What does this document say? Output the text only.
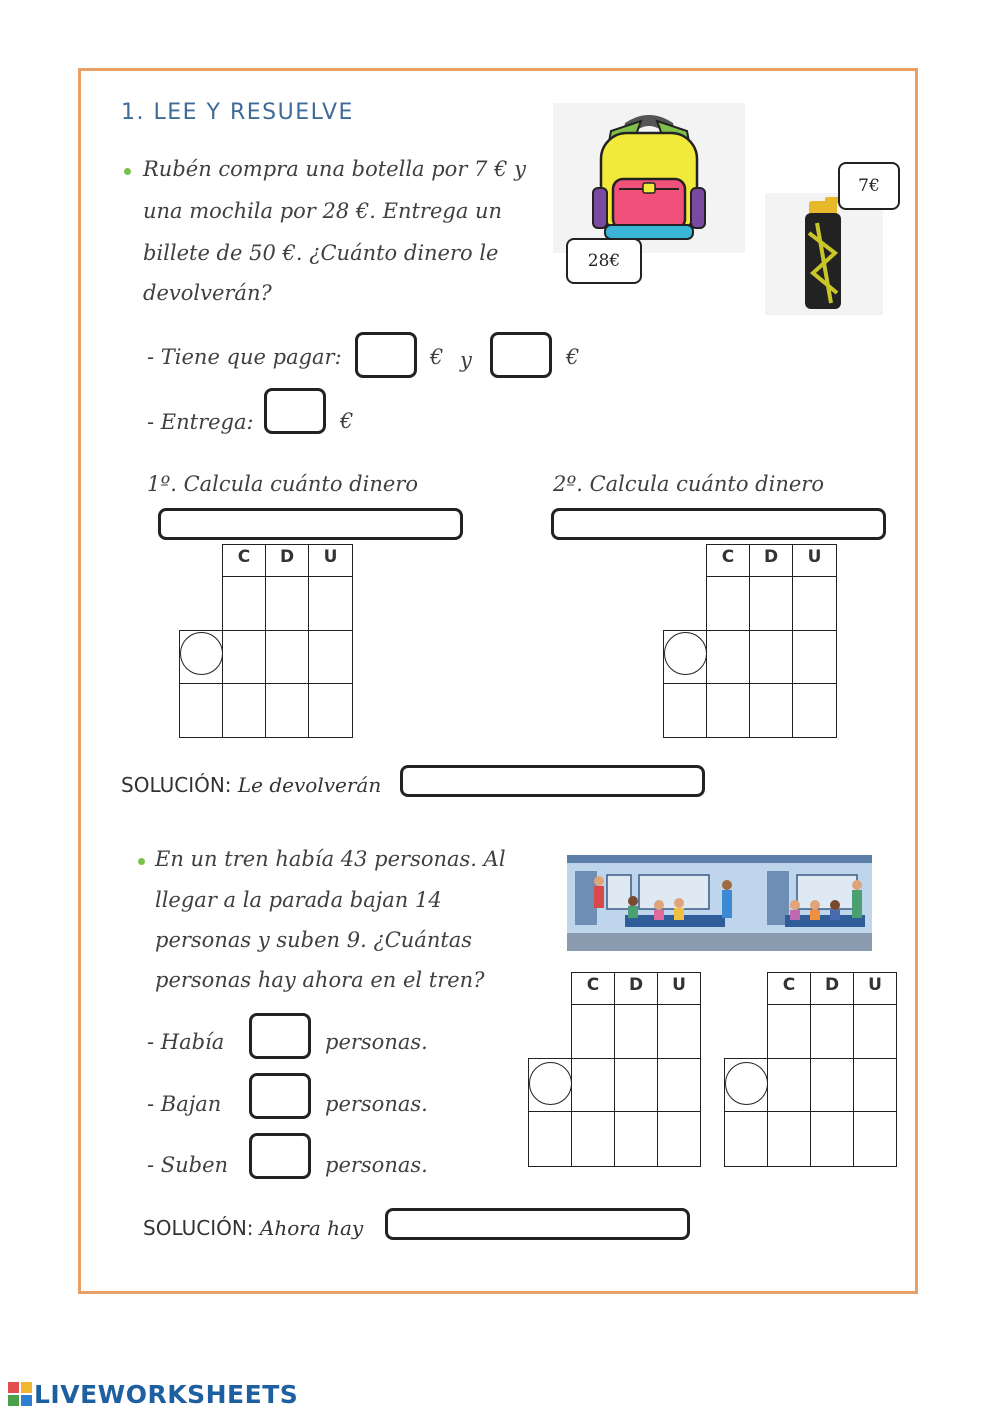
1. LEE Y RESUELVE
Rubén compra una botella por 7 € y
una mochila por 28 €. Entrega un
billete de 50 €. ¿Cuánto dinero le
devolverán?
28€
7€
- Tiene que pagar:	€ y	€
- Entrega:	€
1º. Calcula cuánto dinero	2º. Calcula cuánto dinero
C	D	U	C	D	U
SOLUCIÓN: Le devolverán
En un tren había 43 personas. Al
llegar a la parada bajan 14
personas y suben 9. ¿Cuántas
personas hay ahora en el tren?
- Había	personas.
- Bajan	personas.
- Suben	personas.
C	D	U	C	D	U
SOLUCIÓN: Ahora hay
LIVEWORKSHEETS
